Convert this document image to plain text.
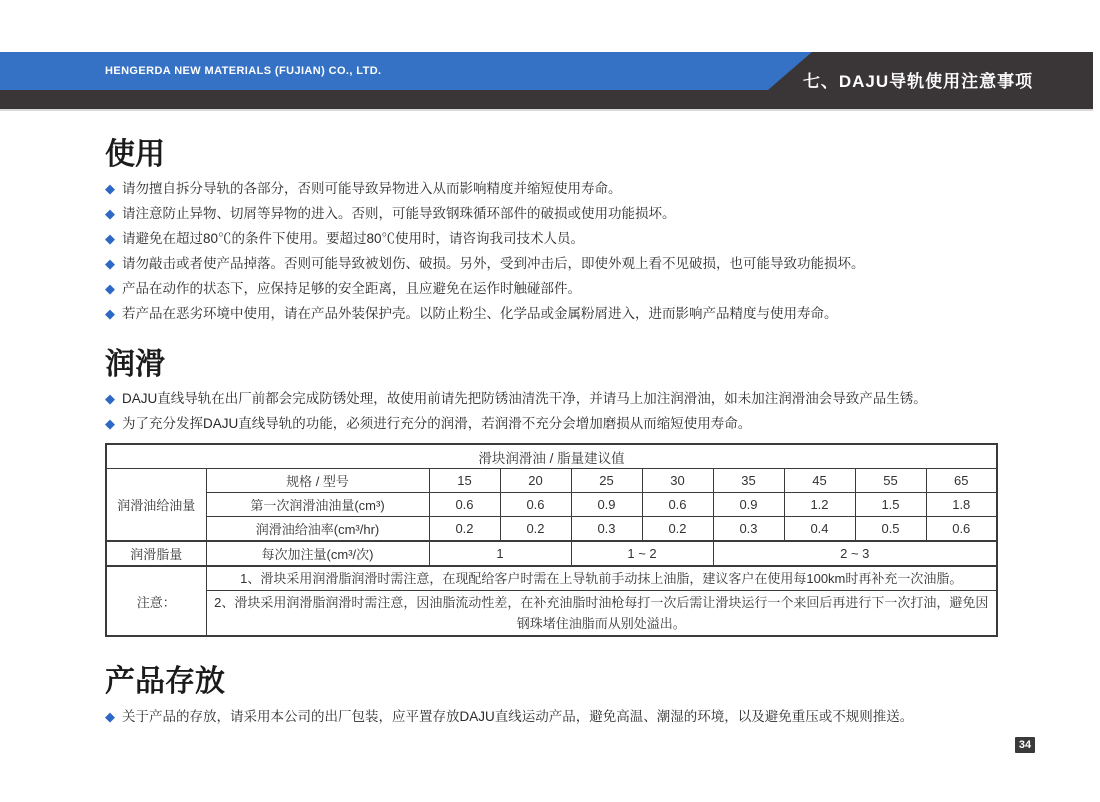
HENGERDA NEW MATERIALS (FUJIAN) CO., LTD.
七、DAJU导轨使用注意事项
使用
◆ 请勿擅自拆分导轨的各部分，否则可能导致异物进入从而影响精度并缩短使用寿命。
◆ 请注意防止异物、切屑等异物的进入。否则，可能导致钢珠循环部件的破损或使用功能损坏。
◆ 请避免在超过80℃的条件下使用。要超过80℃使用时，请咨询我司技术人员。
◆ 请勿敲击或者使产品掉落。否则可能导致被划伤、破损。另外，受到冲击后，即使外观上看不见破损，也可能导致功能损坏。
◆ 产品在动作的状态下，应保持足够的安全距离，且应避免在运作时触碰部件。
◆ 若产品在恶劣环境中使用，请在产品外装保护壳。以防止粉尘、化学品或金属粉屑进入，进而影响产品精度与使用寿命。
润滑
◆ DAJU直线导轨在出厂前都会完成防锈处理，故使用前请先把防锈油清洗干净，并请马上加注润滑油，如未加注润滑油会导致产品生锈。
◆ 为了充分发挥DAJU直线导轨的功能，必须进行充分的润滑，若润滑不充分会增加磨损从而缩短使用寿命。
滑块润滑油 / 脂量建议值									
润滑油给油量	规格 / 型号	15	20	25	30	35	45	55	65
	第一次润滑油油量(cm³)	0.6	0.6	0.9	0.6	0.9	1.2	1.5	1.8
	润滑油给油率(cm³/hr)	0.2	0.2	0.3	0.2	0.3	0.4	0.5	0.6
润滑脂量	每次加注量(cm³/次)	1		1 ~ 2		2 ~ 3			
注意：	1、滑块采用润滑脂润滑时需注意，在现配给客户时需在上导轨前手动抹上油脂，建议客户在使用每100km时再补充一次油脂。								
	2、滑块采用润滑脂润滑时需注意，因油脂流动性差，在补充油脂时油枪每打一次后需让滑块运行一个来回后再进行下一次打油，避免因钢珠堵住油脂而从别处溢出。								
产品存放
◆ 关于产品的存放，请采用本公司的出厂包装，应平置存放DAJU直线运动产品，避免高温、潮湿的环境，以及避免重压或不规则推送。
34
